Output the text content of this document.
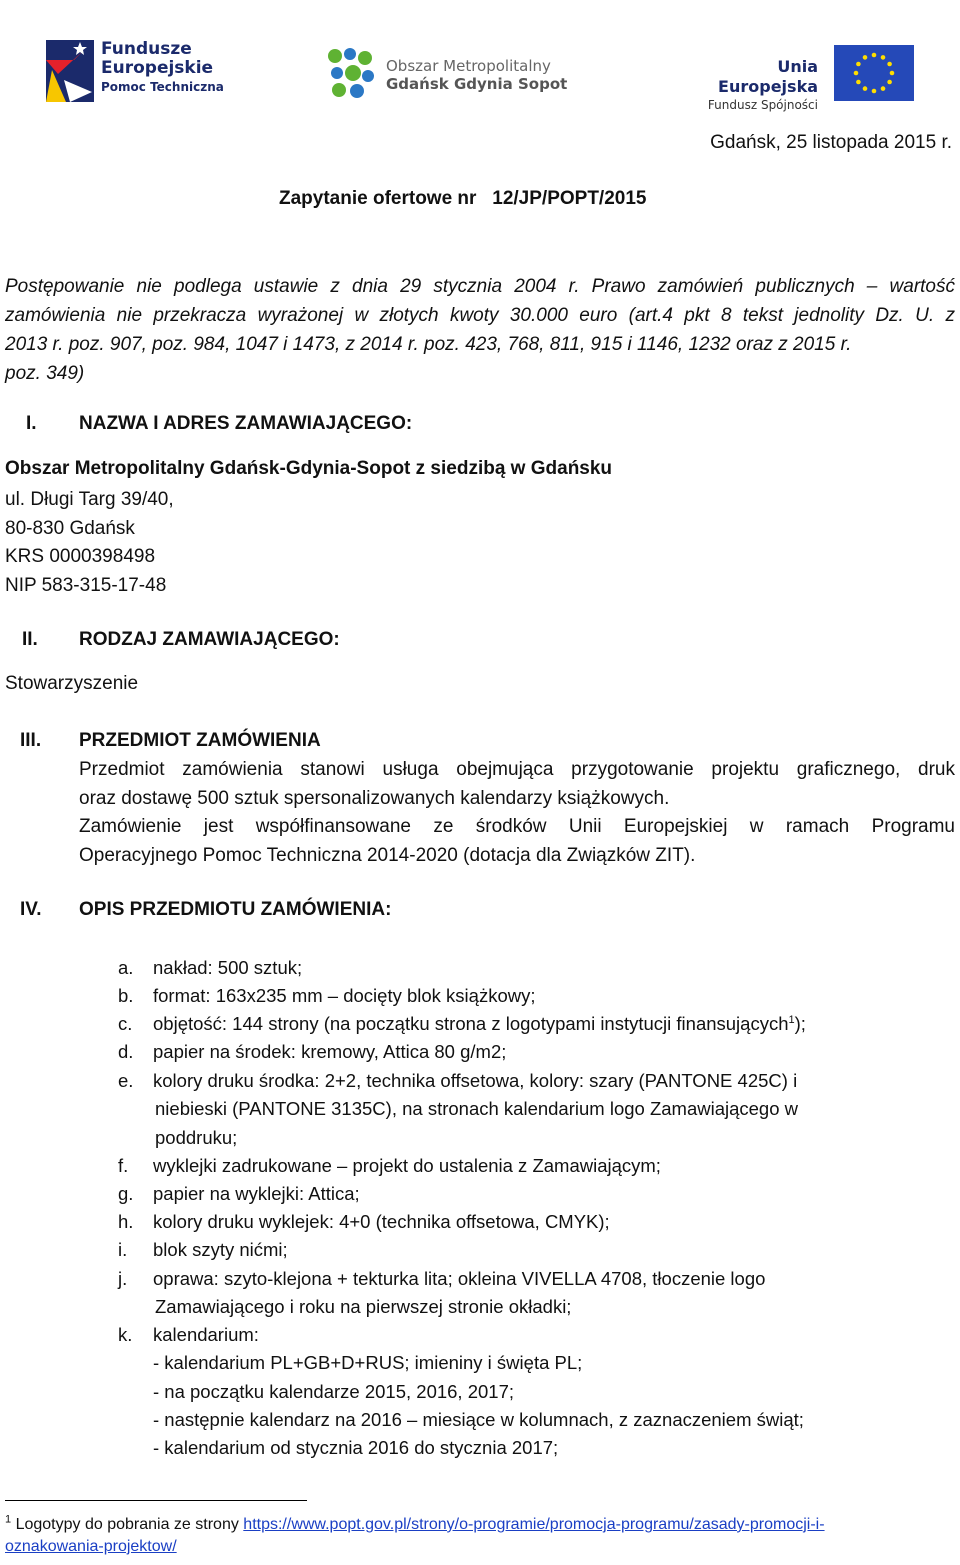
Fundusze
Europejskie
Pomoc Techniczna
Obszar Metropolitalny
Gdańsk Gdynia Sopot
Unia Europejska
Fundusz Spójności
Gdańsk, 25 listopada 2015 r.
Zapytanie ofertowe nr 12/JP/POPT/2015
Postępowanie nie podlega ustawie z dnia 29 stycznia 2004 r. Prawo zamówień publicznych – wartość
zamówienia nie przekracza wyrażonej w złotych kwoty 30.000 euro (art.4 pkt 8 tekst jednolity Dz. U. z
2013 r. poz. 907, poz. 984, 1047 i 1473, z 2014 r. poz. 423, 768, 811, 915 i 1146, 1232 oraz z 2015 r.
poz. 349)
I. NAZWA I ADRES ZAMAWIAJĄCEGO:
Obszar Metropolitalny Gdańsk-Gdynia-Sopot z siedzibą w Gdańsku
ul. Długi Targ 39/40,
80-830 Gdańsk
KRS 0000398498
NIP 583-315-17-48
II. RODZAJ ZAMAWIAJĄCEGO:
Stowarzyszenie
III. PRZEDMIOT ZAMÓWIENIA
Przedmiot zamówienia stanowi usługa obejmująca przygotowanie projektu graficznego, druk
oraz dostawę 500 sztuk spersonalizowanych kalendarzy książkowych.
Zamówienie jest współfinansowane ze środków Unii Europejskiej w ramach Programu
Operacyjnego Pomoc Techniczna 2014-2020 (dotacja dla Związków ZIT).
IV. OPIS PRZEDMIOTU ZAMÓWIENIA:
a. nakład: 500 sztuk;
b. format: 163x235 mm – docięty blok książkowy;
c. objętość: 144 strony (na początku strona z logotypami instytucji finansujących$^1$);
d. papier na środek: kremowy, Attica 80 g/m2;
e. kolory druku środka: 2+2, technika offsetowa, kolory: szary (PANTONE 425C) i
niebieski (PANTONE 3135C), na stronach kalendarium logo Zamawiającego w
poddruku;
f. wyklejki zadrukowane – projekt do ustalenia z Zamawiającym;
g. papier na wyklejki: Attica;
h. kolory druku wyklejek: 4+0 (technika offsetowa, CMYK);
i. blok szyty nićmi;
j. oprawa: szyto-klejona + tekturka lita; okleina VIVELLA 4708, tłoczenie logo
Zamawiającego i roku na pierwszej stronie okładki;
k. kalendarium:
- kalendarium PL+GB+D+RUS; imieniny i święta PL;
- na początku kalendarze 2015, 2016, 2017;
- następnie kalendarz na 2016 – miesiące w kolumnach, z zaznaczeniem świąt;
- kalendarium od stycznia 2016 do stycznia 2017;
$^1$ Logotypy do pobrania ze strony https://www.popt.gov.pl/strony/o-programie/promocja-programu/zasady-promocji-i-
oznakowania-projektow/
